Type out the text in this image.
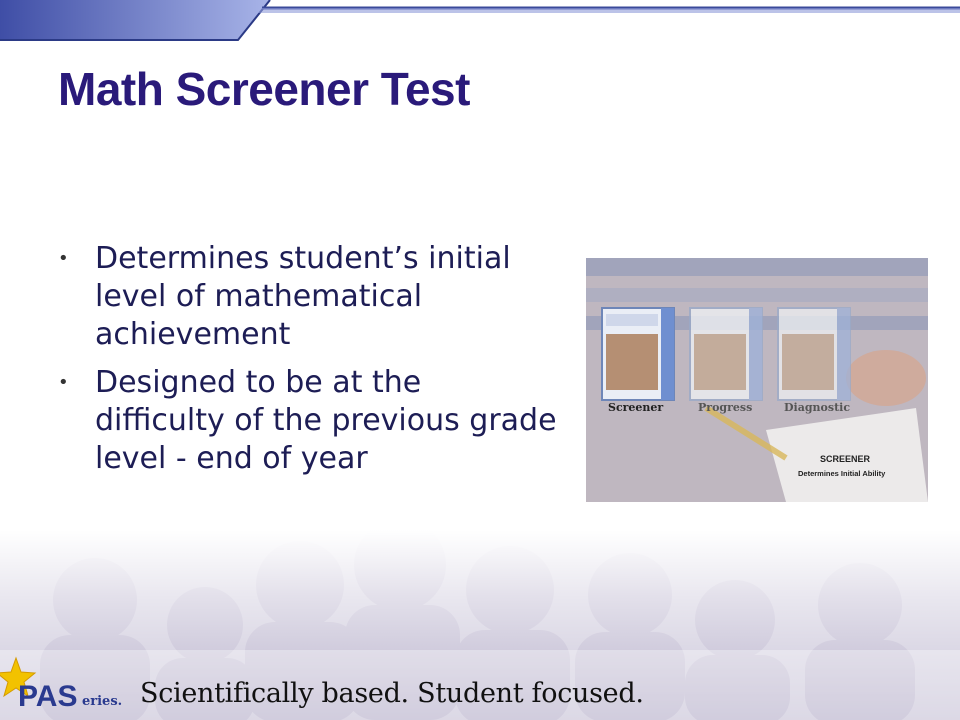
Math Screener Test
• Determines student’s initial level of mathematical achievement
• Designed to be at the difficulty of the previous grade level - end of year
Screener	Progress	Diagnostic
SCREENER
Determines Initial Ability
PAS eries. Scientifically based. Student focused.
